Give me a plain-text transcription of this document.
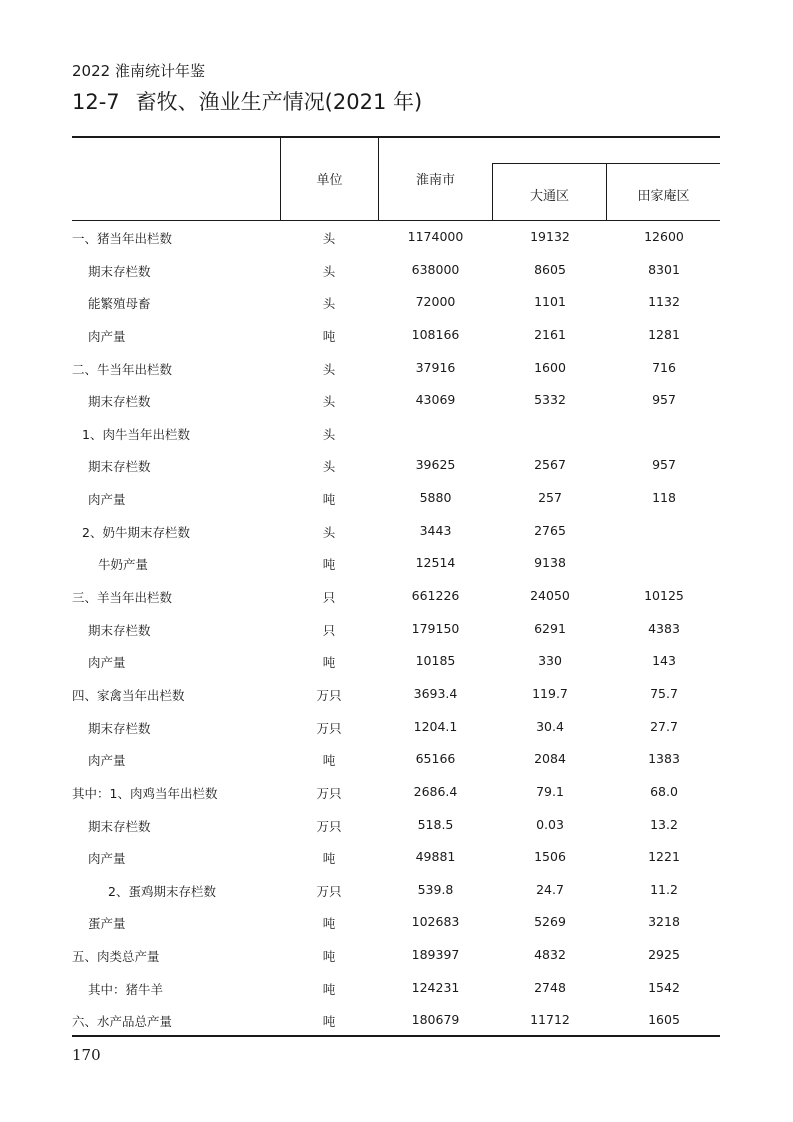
2022 淮南统计年鉴
12-7 畜牧、渔业生产情况(2021 年)
单位	淮南市
大通区	田家庵区
一、猪当年出栏数	头	1174000	19132	12600
期末存栏数	头	638000	8605	8301
能繁殖母畜	头	72000	1101	1132
肉产量	吨	108166	2161	1281
二、牛当年出栏数	头	37916	1600	716
期末存栏数	头	43069	5332	957
1、肉牛当年出栏数	头
期末存栏数	头	39625	2567	957
肉产量	吨	5880	257	118
2、奶牛期末存栏数	头	3443	2765
牛奶产量	吨	12514	9138
三、羊当年出栏数	只	661226	24050	10125
期末存栏数	只	179150	6291	4383
肉产量	吨	10185	330	143
四、家禽当年出栏数	万只	3693.4	119.7	75.7
期末存栏数	万只	1204.1	30.4	27.7
肉产量	吨	65166	2084	1383
其中：1、肉鸡当年出栏数	万只	2686.4	79.1	68.0
期末存栏数	万只	518.5	0.03	13.2
肉产量	吨	49881	1506	1221
2、蛋鸡期末存栏数	万只	539.8	24.7	11.2
蛋产量	吨	102683	5269	3218
五、肉类总产量	吨	189397	4832	2925
其中：猪牛羊	吨	124231	2748	1542
六、水产品总产量	吨	180679	11712	1605
170
